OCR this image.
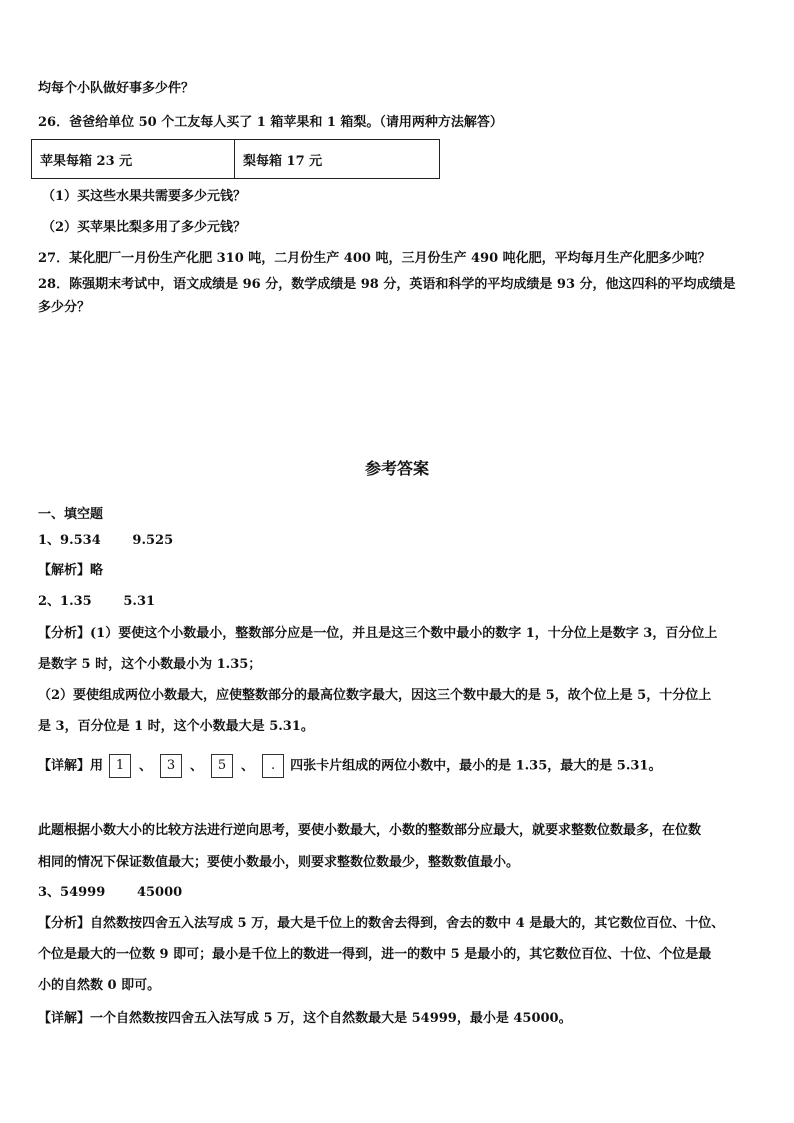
均每个小队做好事多少件？
26．爸爸给单位 50 个工友每人买了 1 箱苹果和 1 箱梨。（请用两种方法解答）
苹果每箱 23 元	梨每箱 17 元
（1）买这些水果共需要多少元钱？
（2）买苹果比梨多用了多少元钱？
27．某化肥厂一月份生产化肥 310 吨，二月份生产 400 吨，三月份生产 490 吨化肥，平均每月生产化肥多少吨？
28．陈强期末考试中，语文成绩是 96 分，数学成绩是 98 分，英语和科学的平均成绩是 93 分，他这四科的平均成绩是
多少分？
参考答案
一、填空题
1、9.534       9.525
【解析】略
2、1.35       5.31
【分析】(1）要使这个小数最小，整数部分应是一位，并且是这三个数中最小的数字 1，十分位上是数字 3，百分位上
是数字 5 时，这个小数最小为 1.35；
（2）要使组成两位小数最大，应使整数部分的最高位数字最大，因这三个数中最大的是 5，故个位上是 5，十分位上
是 3，百分位是 1 时，这个小数最大是 5.31。
【详解】用 1 、 3 、 5 、 . 四张卡片组成的两位小数中，最小的是 1.35，最大的是 5.31。
此题根据小数大小的比较方法进行逆向思考，要使小数最大，小数的整数部分应最大，就要求整数位数最多，在位数
相同的情况下保证数值最大；要使小数最小，则要求整数位数最少，整数数值最小。
3、54999       45000
【分析】自然数按四舍五入法写成 5 万，最大是千位上的数舍去得到，舍去的数中 4 是最大的，其它数位百位、十位、
个位是最大的一位数 9 即可；最小是千位上的数进一得到，进一的数中 5 是最小的，其它数位百位、十位、个位是最
小的自然数 0 即可。
【详解】一个自然数按四舍五入法写成 5 万，这个自然数最大是 54999，最小是 45000。
